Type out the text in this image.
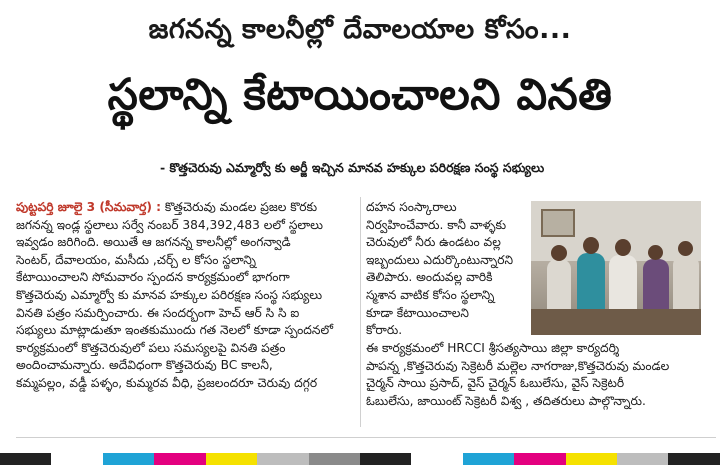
జగనన్న కాలనీల్లో దేవాలయాల కోసం...
స్థలాన్ని కేటాయించాలని వినతి
- కొత్తచెరువు ఎమ్మార్వో కు అర్జీ ఇచ్చిన మానవ హక్కుల పరిరక్షణ సంస్థ సభ్యులు
పుట్టపర్తి జూలై 3 (సీమవార్త) : కొత్తచెరువు మండల ప్రజల కొరకు
జగనన్న ఇండ్ల స్థలాలు సర్వే నంబర్ 384,392,483 లలో స్థలాలు
ఇవ్వడం జరిగింది. అయితే ఆ జగనన్న కాలనీల్లో అంగన్వాడి
సెంటర్, దేవాలయం, మసీదు ,చర్చ్ ల కోసం స్థలాన్ని
కేటాయించాలని సోమవారం స్పందన కార్యక్రమంలో భాగంగా
కొత్తచెరువు ఎమ్మార్వో కు మానవ హక్కుల పరిరక్షణ సంస్థ సభ్యులు
వినతి పత్రం సమర్పించారు. ఈ సందర్భంగా హెచ్ ఆర్ సి సి ఐ
సభ్యులు మాట్లాడుతూ ఇంతకుముందు గత నెలలో కూడా స్పందనలో
కార్యక్రమంలో కొత్తచెరువులో పలు సమస్యలపై వినతి పత్రం
అందించామన్నారు. అదేవిధంగా కొత్తచెరువు BC కాలనీ,
కమ్మపల్లం, వడ్డీ పళ్ళం, కుమ్మరవ వీధి, ప్రజలందరూ చెరువు దగ్గర
దహన సంస్కారాలు
నిర్వహించేవారు. కానీ వాళ్ళకు
చెరువులో నీరు ఉండటం వల్ల
ఇబ్బందులు ఎదుర్కొంటున్నారని
తెలిపారు. అందువల్ల వారికి
స్మశాన వాటిక కోసం స్థలాన్ని
కూడా కేటాయించాలని
కోరారు.
ఈ కార్యక్రమంలో HRCCI శ్రీసత్యసాయి జిల్లా కార్యదర్శి
పాపన్న ,కొత్తచెరువు సెక్రెటరీ మల్లెల నాగరాజు,కొత్తచెరువు మండల
చైర్మన్ సాయి ప్రసాద్, వైస్ చైర్మన్ ఓబులేసు, వైస్ సెక్రెటరీ
ఓబులేసు, జాయింట్ సెక్రెటరీ విశ్వ , తదితరులు పాల్గొన్నారు.
